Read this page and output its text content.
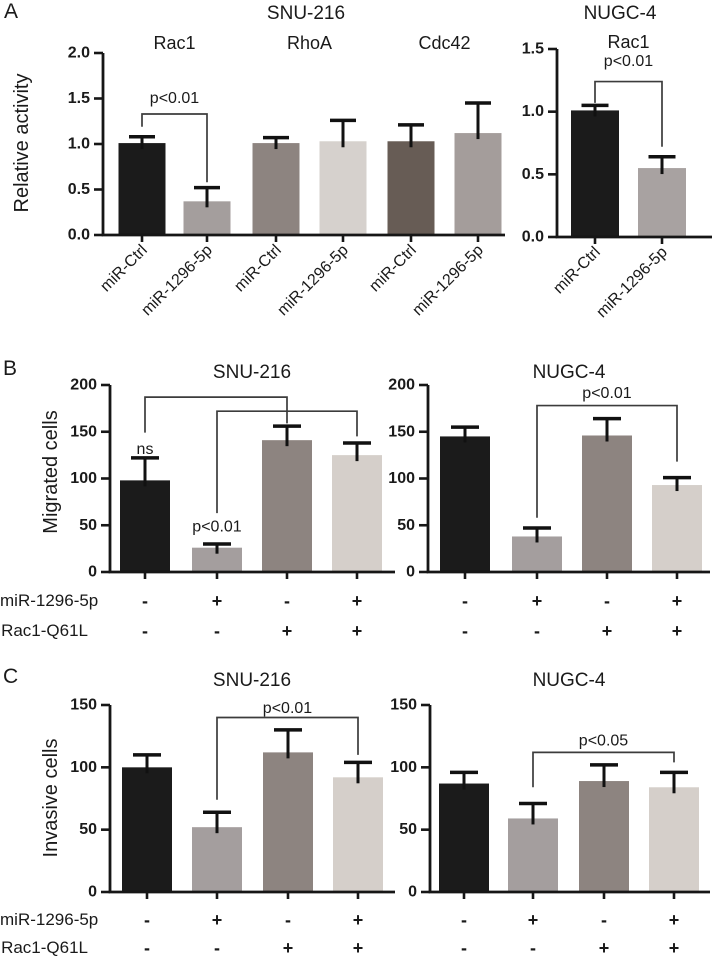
0.0
0.5
1.0
1.5
2.0
miR-Ctrl
miR-1296-5p miR-Ctrl
miR-1296-5p miR-Ctrl
miR-1296-5p
SNU-216
Rac1	RhoA	Cdc42
Relative activity	p<0.01
0.0
0.5
1.0
1.5
miR-Ctrl
miR-1296-5p
NUGC-4
Rac1
p<0.01
0
50
100
150
200
-	+	-	+
-	-	+	+
SNU-216
Migrated cells	ns
p<0.01
0
50
100
150
200
-	+	-	+
-	-	+	+
NUGC-4
p<0.01
0
50
100
150
-	+	-	+
-	-	+	+
SNU-216
Invasive cells
p<0.01
0
50
100
150
-	+	-	+
-	-	+	+
NUGC-4
p<0.05
A
B
C
miR-1296-5p
Rac1-Q61L
miR-1296-5p
Rac1-Q61L
